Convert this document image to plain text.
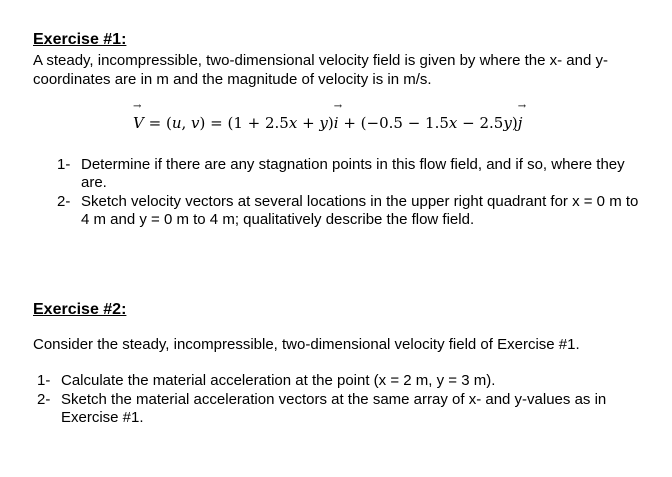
Exercise #1:
A steady, incompressible, two-dimensional velocity field is given by where the x- and y-coordinates are in m and the magnitude of velocity is in m/s.
→ V = (u, v) = (1 + 2.5x + y)→ i + (−0.5 − 1.5x − 2.5y)→ j
1- Determine if there are any stagnation points in this flow field, and if so, where they are.
2- Sketch velocity vectors at several locations in the upper right quadrant for x = 0 m to 4 m and y = 0 m to 4 m; qualitatively describe the flow field.
Exercise #2:
Consider the steady, incompressible, two-dimensional velocity field of Exercise #1.
1- Calculate the material acceleration at the point (x = 2 m, y = 3 m).
2- Sketch the material acceleration vectors at the same array of x- and y-values as in Exercise #1.
